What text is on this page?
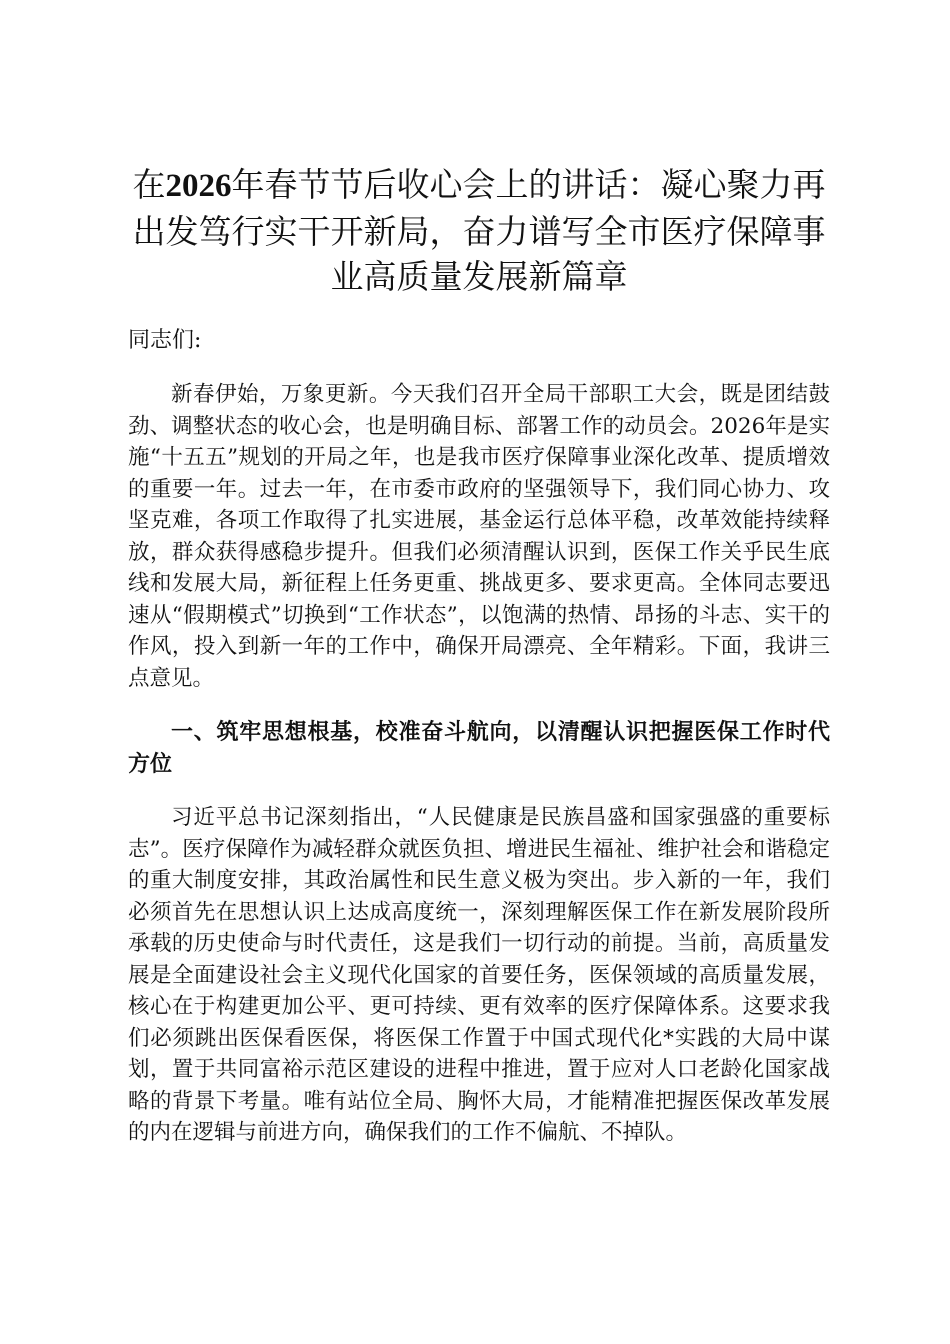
在2026年春节节后收心会上的讲话：凝心聚力再出发笃行实干开新局，奋力谱写全市医疗保障事业高质量发展新篇章
同志们:

新春伊始，万象更新。今天我们召开全局干部职工大会，既是团结鼓劲、调整状态的收心会，也是明确目标、部署工作的动员会。2026年是实施“十五五”规划的开局之年，也是我市医疗保障事业深化改革、提质增效的重要一年。过去一年，在市委市政府的坚强领导下，我们同心协力、攻坚克难，各项工作取得了扎实进展，基金运行总体平稳，改革效能持续释放，群众获得感稳步提升。但我们必须清醒认识到，医保工作关乎民生底线和发展大局，新征程上任务更重、挑战更多、要求更高。全体同志要迅速从“假期模式”切换到“工作状态”，以饱满的热情、昂扬的斗志、实干的作风，投入到新一年的工作中，确保开局漂亮、全年精彩。下面，我讲三点意见。

一、筑牢思想根基，校准奋斗航向，以清醒认识把握医保工作时代方位

习近平总书记深刻指出，“人民健康是民族昌盛和国家强盛的重要标志”。医疗保障作为减轻群众就医负担、增进民生福祉、维护社会和谐稳定的重大制度安排，其政治属性和民生意义极为突出。步入新的一年，我们必须首先在思想认识上达成高度统一，深刻理解医保工作在新发展阶段所承载的历史使命与时代责任，这是我们一切行动的前提。当前，高质量发展是全面建设社会主义现代化国家的首要任务，医保领域的高质量发展，核心在于构建更加公平、更可持续、更有效率的医疗保障体系。这要求我们必须跳出医保看医保，将医保工作置于中国式现代化*实践的大局中谋划，置于共同富裕示范区建设的进程中推进，置于应对人口老龄化国家战略的背景下考量。唯有站位全局、胸怀大局，才能精准把握医保改革发展的内在逻辑与前进方向，确保我们的工作不偏航、不掉队。
